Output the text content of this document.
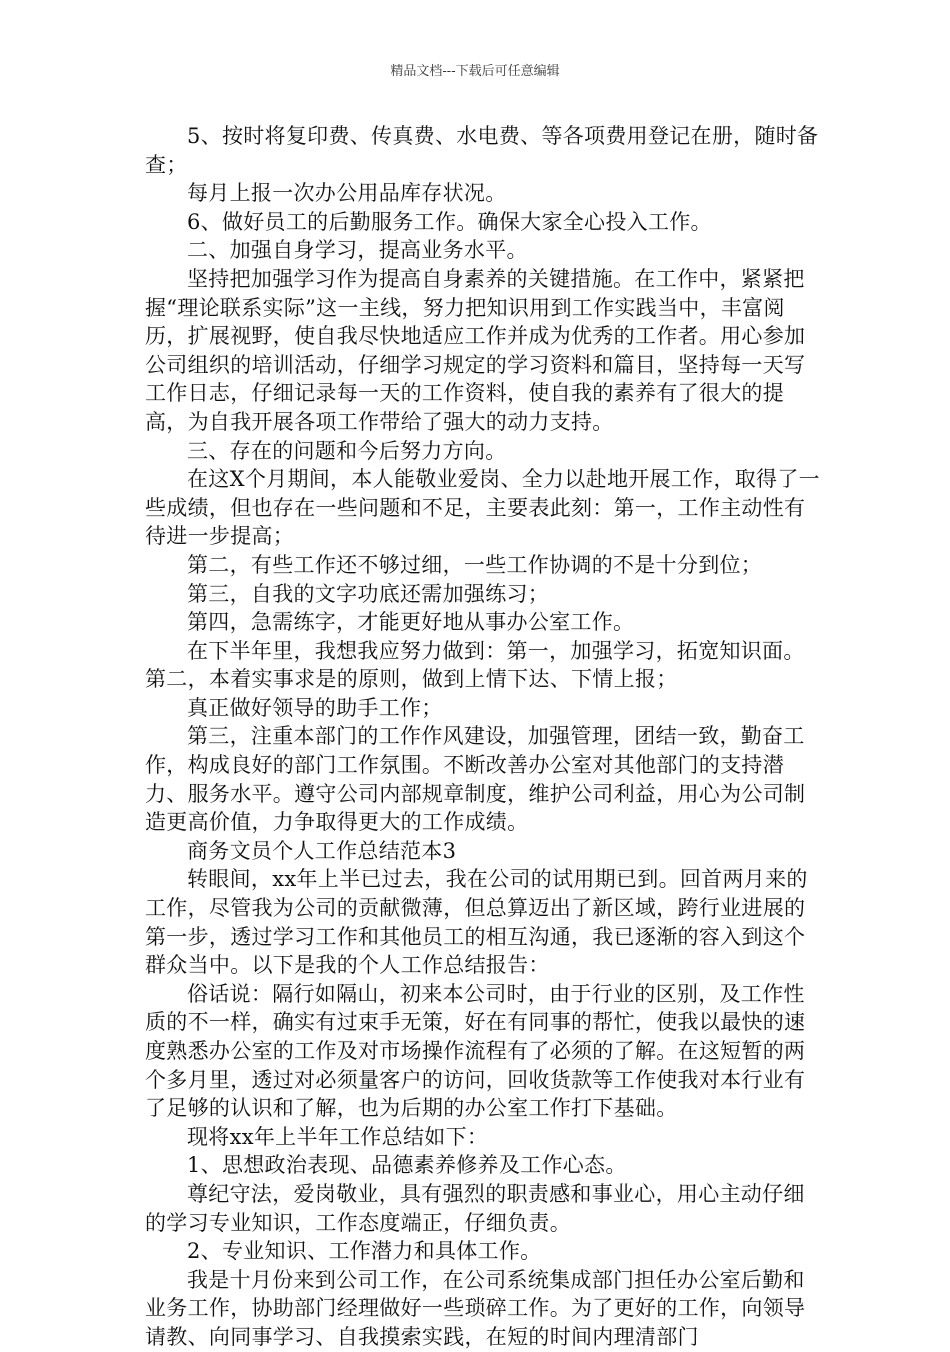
精品文档---下载后可任意编辑

5、按时将复印费、传真费、水电费、等各项费用登记在册，随时备查；

每月上报一次办公用品库存状况。

6、做好员工的后勤服务工作。确保大家全心投入工作。

二、加强自身学习，提高业务水平。

坚持把加强学习作为提高自身素养的关键措施。在工作中，紧紧把握“理论联系实际”这一主线，努力把知识用到工作实践当中，丰富阅历，扩展视野，使自我尽快地适应工作并成为优秀的工作者。用心参加公司组织的培训活动，仔细学习规定的学习资料和篇目，坚持每一天写工作日志，仔细记录每一天的工作资料，使自我的素养有了很大的提高，为自我开展各项工作带给了强大的动力支持。

三、存在的问题和今后努力方向。

在这X个月期间，本人能敬业爱岗、全力以赴地开展工作，取得了一些成绩，但也存在一些问题和不足，主要表此刻：第一，工作主动性有待进一步提高；

第二，有些工作还不够过细，一些工作协调的不是十分到位；

第三，自我的文字功底还需加强练习；

第四，急需练字，才能更好地从事办公室工作。

在下半年里，我想我应努力做到：第一，加强学习，拓宽知识面。第二，本着实事求是的原则，做到上情下达、下情上报；

真正做好领导的助手工作；

第三，注重本部门的工作作风建设，加强管理，团结一致，勤奋工作，构成良好的部门工作氛围。不断改善办公室对其他部门的支持潜力、服务水平。遵守公司内部规章制度，维护公司利益，用心为公司制造更高价值，力争取得更大的工作成绩。

商务文员个人工作总结范本3

转眼间，xx年上半已过去，我在公司的试用期已到。回首两月来的工作，尽管我为公司的贡献微薄，但总算迈出了新区域，跨行业进展的第一步，透过学习工作和其他员工的相互沟通，我已逐渐的容入到这个群众当中。以下是我的个人工作总结报告：

俗话说：隔行如隔山，初来本公司时，由于行业的区别，及工作性质的不一样，确实有过束手无策，好在有同事的帮忙，使我以最快的速度熟悉办公室的工作及对市场操作流程有了必须的了解。在这短暂的两个多月里，透过对必须量客户的访问，回收货款等工作使我对本行业有了足够的认识和了解，也为后期的办公室工作打下基础。

现将xx年上半年工作总结如下：

1、思想政治表现、品德素养修养及工作心态。

尊纪守法，爱岗敬业，具有强烈的职责感和事业心，用心主动仔细的学习专业知识，工作态度端正，仔细负责。

2、专业知识、工作潜力和具体工作。

我是十月份来到公司工作，在公司系统集成部门担任办公室后勤和业务工作，协助部门经理做好一些琐碎工作。为了更好的工作，向领导请教、向同事学习、自我摸索实践，在短的时间内理清部门
